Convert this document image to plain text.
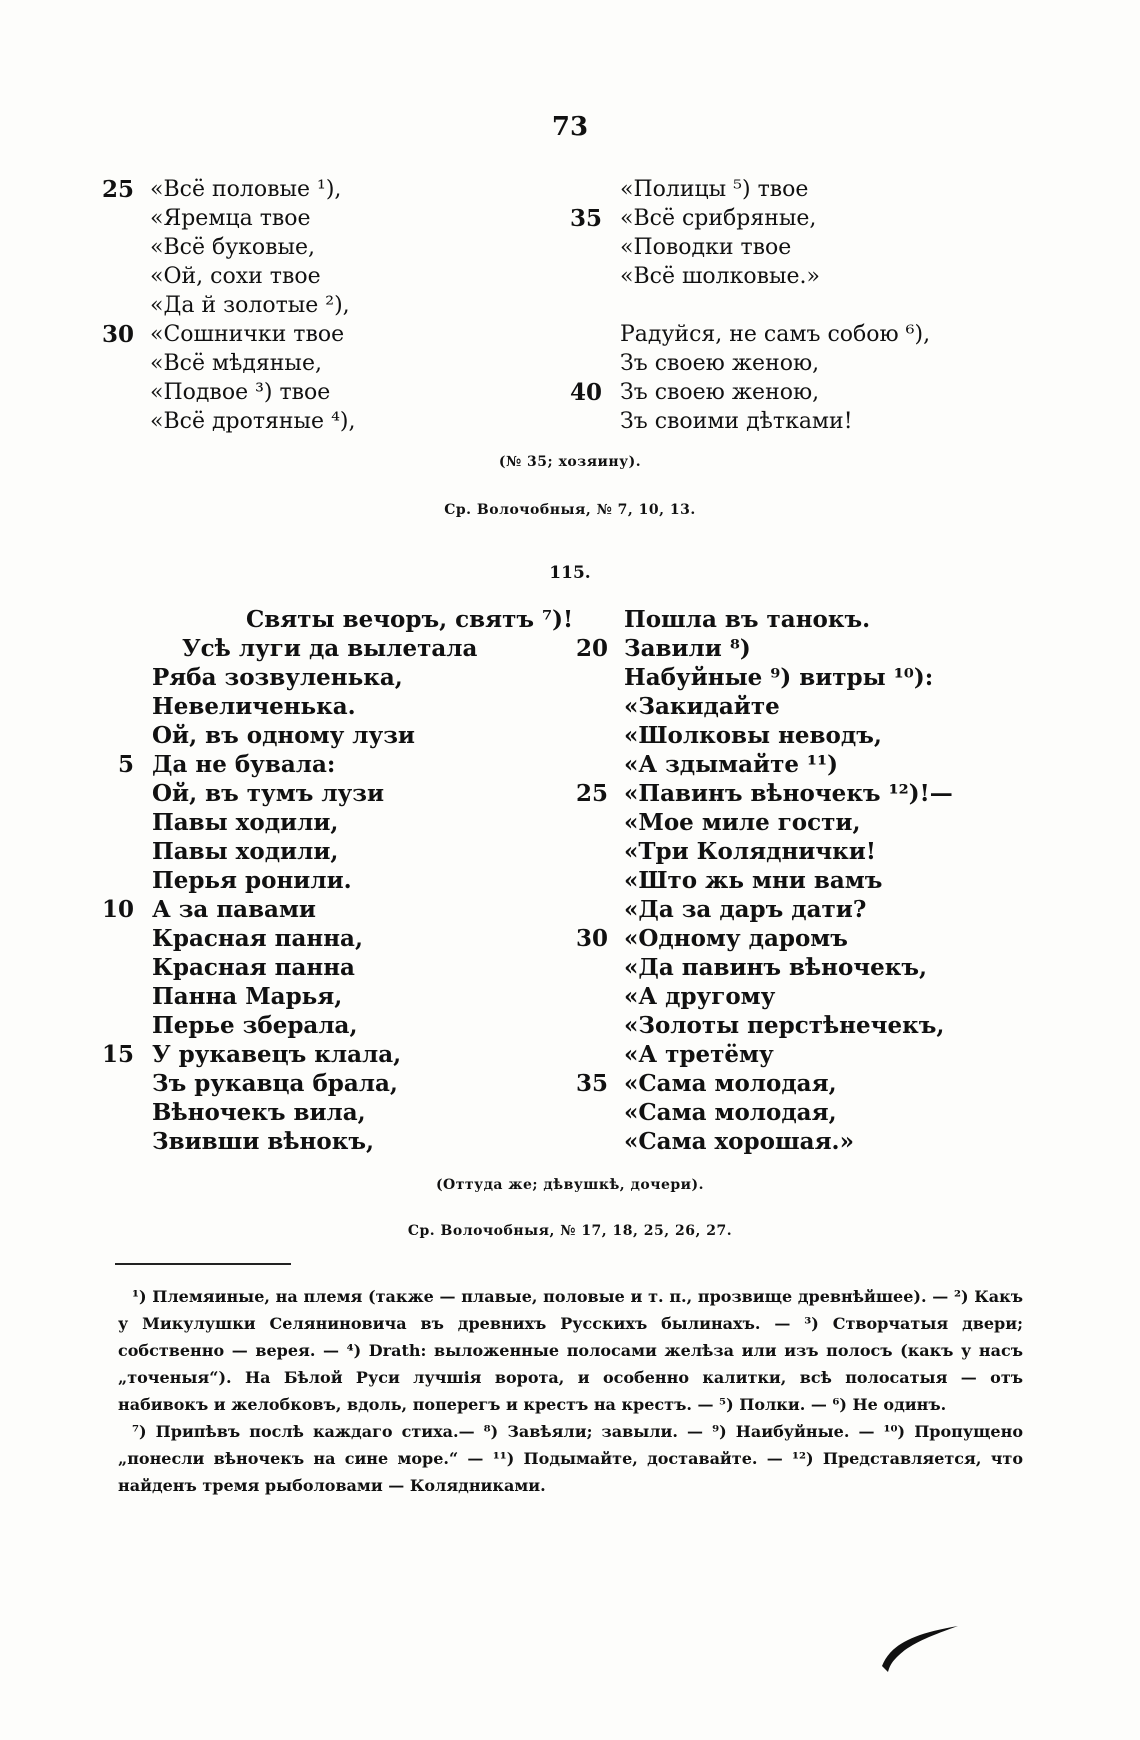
73
25 «Всё половые ¹),
«Яремца твое
«Всё буковые,
«Ой, сохи твое
«Да й золотые ²),
30 «Сошнички твое
«Всё мѣдяные,
«Подвое ³) твое
«Всё дротяные ⁴),
«Полицы ⁵) твое
35 «Всё срибряные,
«Поводки твое
«Всё шолковые.»
Радуйся, не самъ собою ⁶),
Зъ своею женою,
40 Зъ своею женою,
Зъ своими дѣтками!
(№ 35; хозяину).
Ср. Волочобныя, № 7, 10, 13.
115.
Святы вечоръ, святъ ⁷)!
Усѣ луги да вылетала
Ряба зозвуленька,
Невеличенька.
Ой, въ одному лузи
5 Да не бувала:
Ой, въ тумъ лузи
Павы ходили,
Павы ходили,
Перья ронили.
10 А за павами
Красная панна,
Красная панна
Панна Марья,
Перье зберала,
15 У рукавецъ клала,
Зъ рукавца брала,
Вѣночекъ вила,
Звивши вѣнокъ,
Пошла въ танокъ.
20 Завили ⁸)
Набуйные ⁹) витры ¹⁰):
«Закидайте
«Шолковы неводъ,
«А здымайте ¹¹)
25 «Павинъ вѣночекъ ¹²)!—
«Мое миле гости,
«Три Коляднички!
«Што жь мни вамъ
«Да за даръ дати?
30 «Одному даромъ
«Да павинъ вѣночекъ,
«А другому
«Золоты перстѣнечекъ,
«А третёму
35 «Сама молодая,
«Сама молодая,
«Сама хорошая.»
(Оттуда же; дѣвушкѣ, дочери).
Ср. Волочобныя, № 17, 18, 25, 26, 27.

¹) Племяиные, на племя (также — плавые, половые и т. п., прозвище древнѣйшее). — ²) Какъ у Микулушки Селяниновича въ древнихъ Русскихъ былинахъ. — ³) Створчатыя двери; собственно — верея. — ⁴) Drath: выложенные полосами желѣза или изъ полосъ (какъ у насъ „точеныя“). На Бѣлой Руси лучшiя ворота, и особенно калитки, всѣ полосатыя — отъ набивокъ и желобковъ, вдоль, поперегъ и крестъ на крестъ. — ⁵) Полки. — ⁶) Не одинъ.

⁷) Припѣвъ послѣ каждаго стиха.— ⁸) Завѣяли; завыли. — ⁹) Наибуйные. — ¹⁰) Пропущено „понесли вѣночекъ на сине море.“ — ¹¹) Подымайте, доставайте. — ¹²) Представляется, что найденъ тремя рыболовами — Колядниками.
